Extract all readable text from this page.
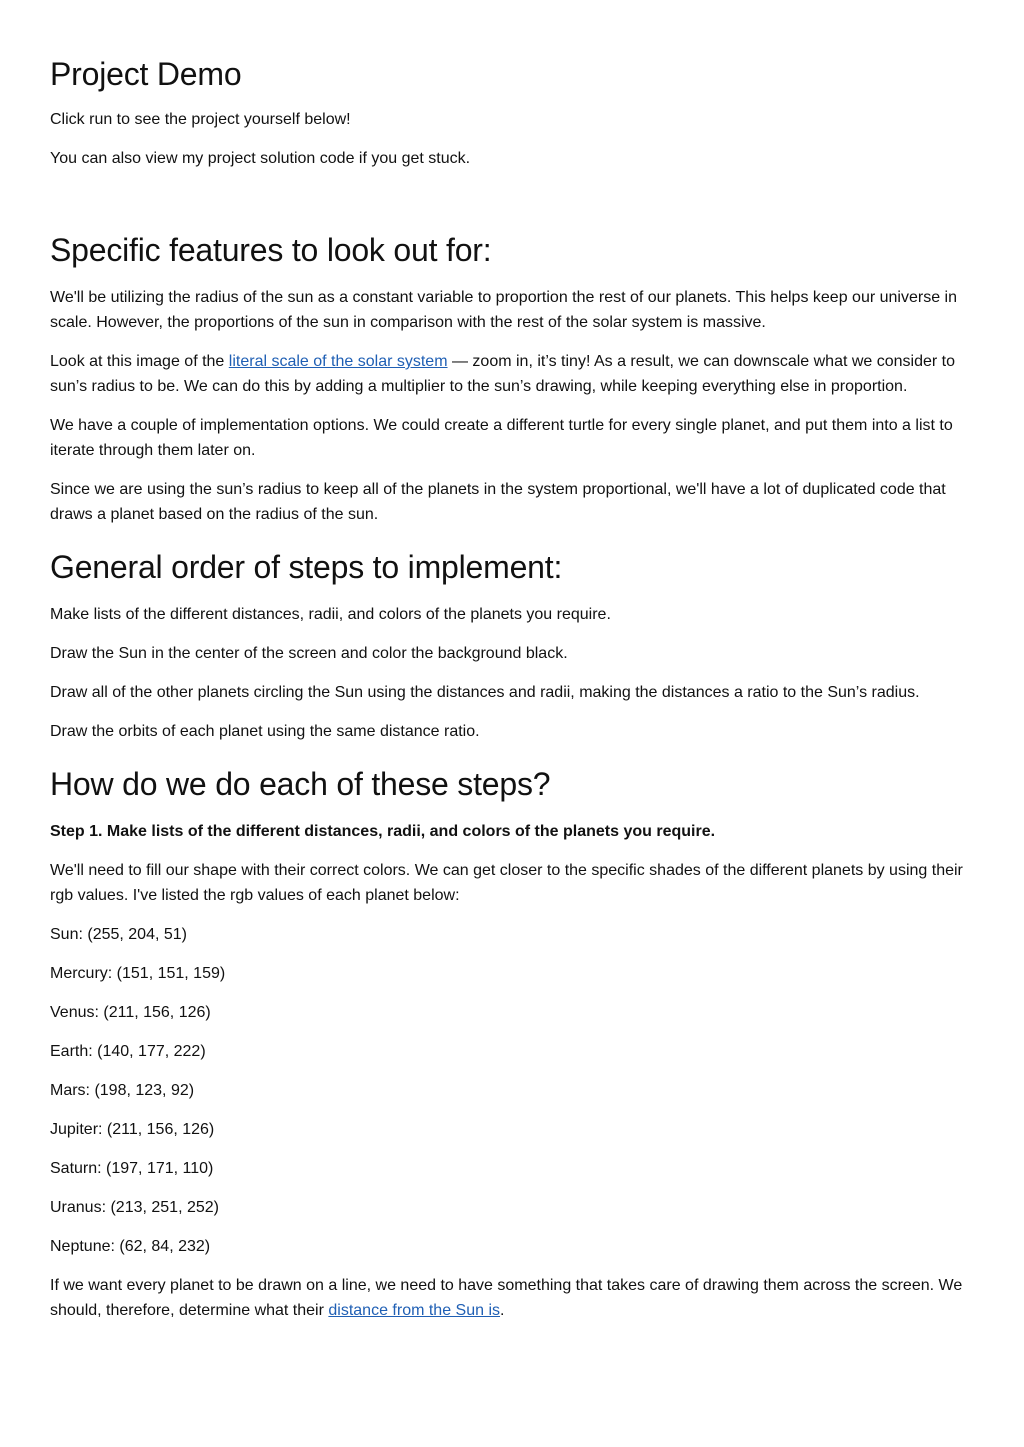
Project Demo

Click run to see the project yourself below!

You can also view my project solution code if you get stuck.

Specific features to look out for:

We'll be utilizing the radius of the sun as a constant variable to proportion the rest of our planets. This helps keep our universe in scale. However, the proportions of the sun in comparison with the rest of the solar system is massive.

Look at this image of the literal scale of the solar system — zoom in, it’s tiny! As a result, we can downscale what we consider to sun’s radius to be. We can do this by adding a multiplier to the sun’s drawing, while keeping everything else in proportion.

We have a couple of implementation options. We could create a different turtle for every single planet, and put them into a list to iterate through them later on.

Since we are using the sun’s radius to keep all of the planets in the system proportional, we'll have a lot of duplicated code that draws a planet based on the radius of the sun.

General order of steps to implement:

Make lists of the different distances, radii, and colors of the planets you require.

Draw the Sun in the center of the screen and color the background black.

Draw all of the other planets circling the Sun using the distances and radii, making the distances a ratio to the Sun’s radius.

Draw the orbits of each planet using the same distance ratio.

How do we do each of these steps?

Step 1. Make lists of the different distances, radii, and colors of the planets you require.

We'll need to fill our shape with their correct colors. We can get closer to the specific shades of the different planets by using their rgb values. I've listed the rgb values of each planet below:

Sun: (255, 204, 51)

Mercury: (151, 151, 159)

Venus: (211, 156, 126)

Earth: (140, 177, 222)

Mars: (198, 123, 92)

Jupiter: (211, 156, 126)

Saturn: (197, 171, 110)

Uranus: (213, 251, 252)

Neptune: (62, 84, 232)

If we want every planet to be drawn on a line, we need to have something that takes care of drawing them across the screen. We should, therefore, determine what their distance from the Sun is.
